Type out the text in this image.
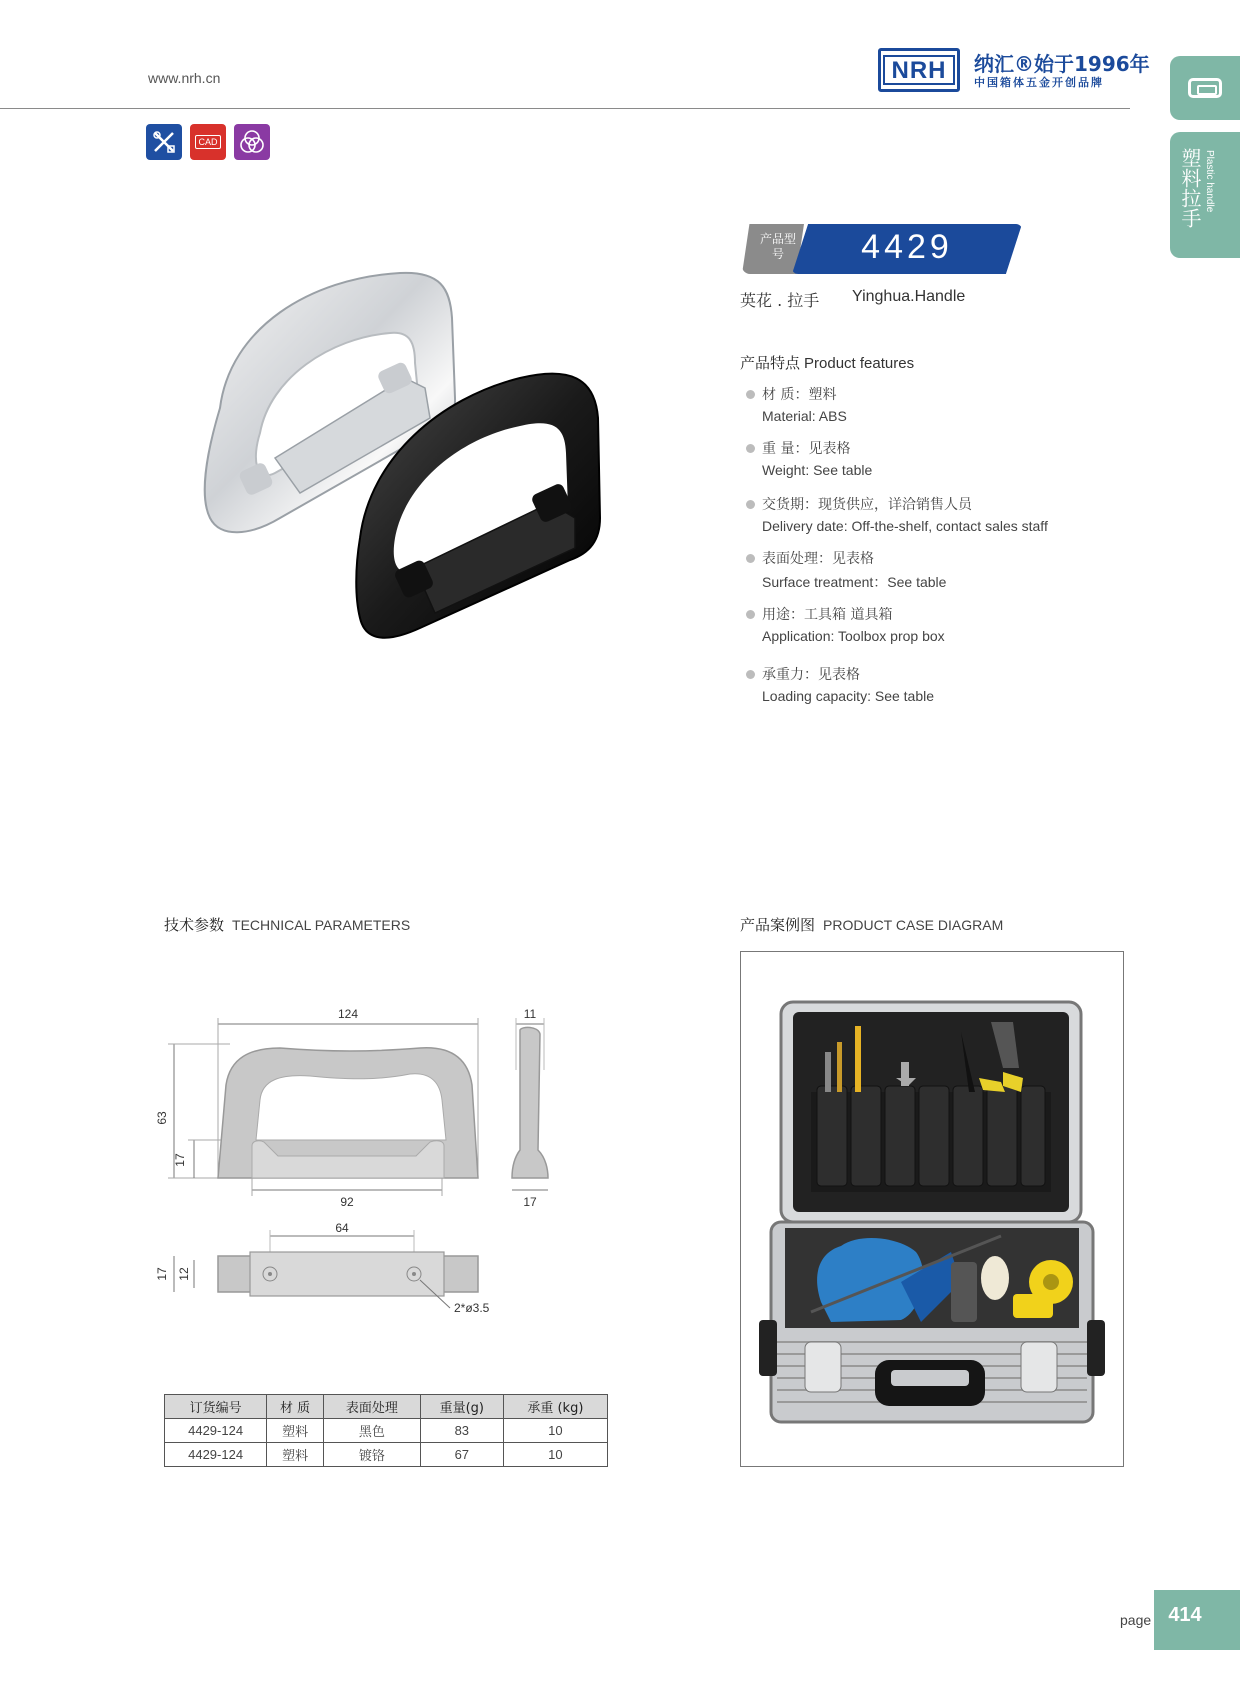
www.nrh.cn	NRH	纳汇®始于1996年
中国箱体五金开创品牌
塑料拉手 Plastic handle
CAD
产品型号	4429
英花 . 拉手 Yinghua.Handle
产品特点 Product features
材 质：塑料
Material: ABS
重 量：见表格
Weight: See table
交货期：现货供应，详洽销售人员
Delivery date: Off-the-shelf, contact sales staff
表面处理：见表格
Surface treatment：See table
用途：工具箱 道具箱
Application: Toolbox prop box
承重力：见表格
Loading capacity: See table
技术参数 TECHNICAL PARAMETERS
124
63
17
92
11
17
64
17 12
2*ø3.5
订货编号	材 质	表面处理	重量(g)	承重 (kg)
4429-124	塑料	黑色	83	10
4429-124	塑料	镀铬	67	10
产品案例图 PRODUCT CASE DIAGRAM
page 414
